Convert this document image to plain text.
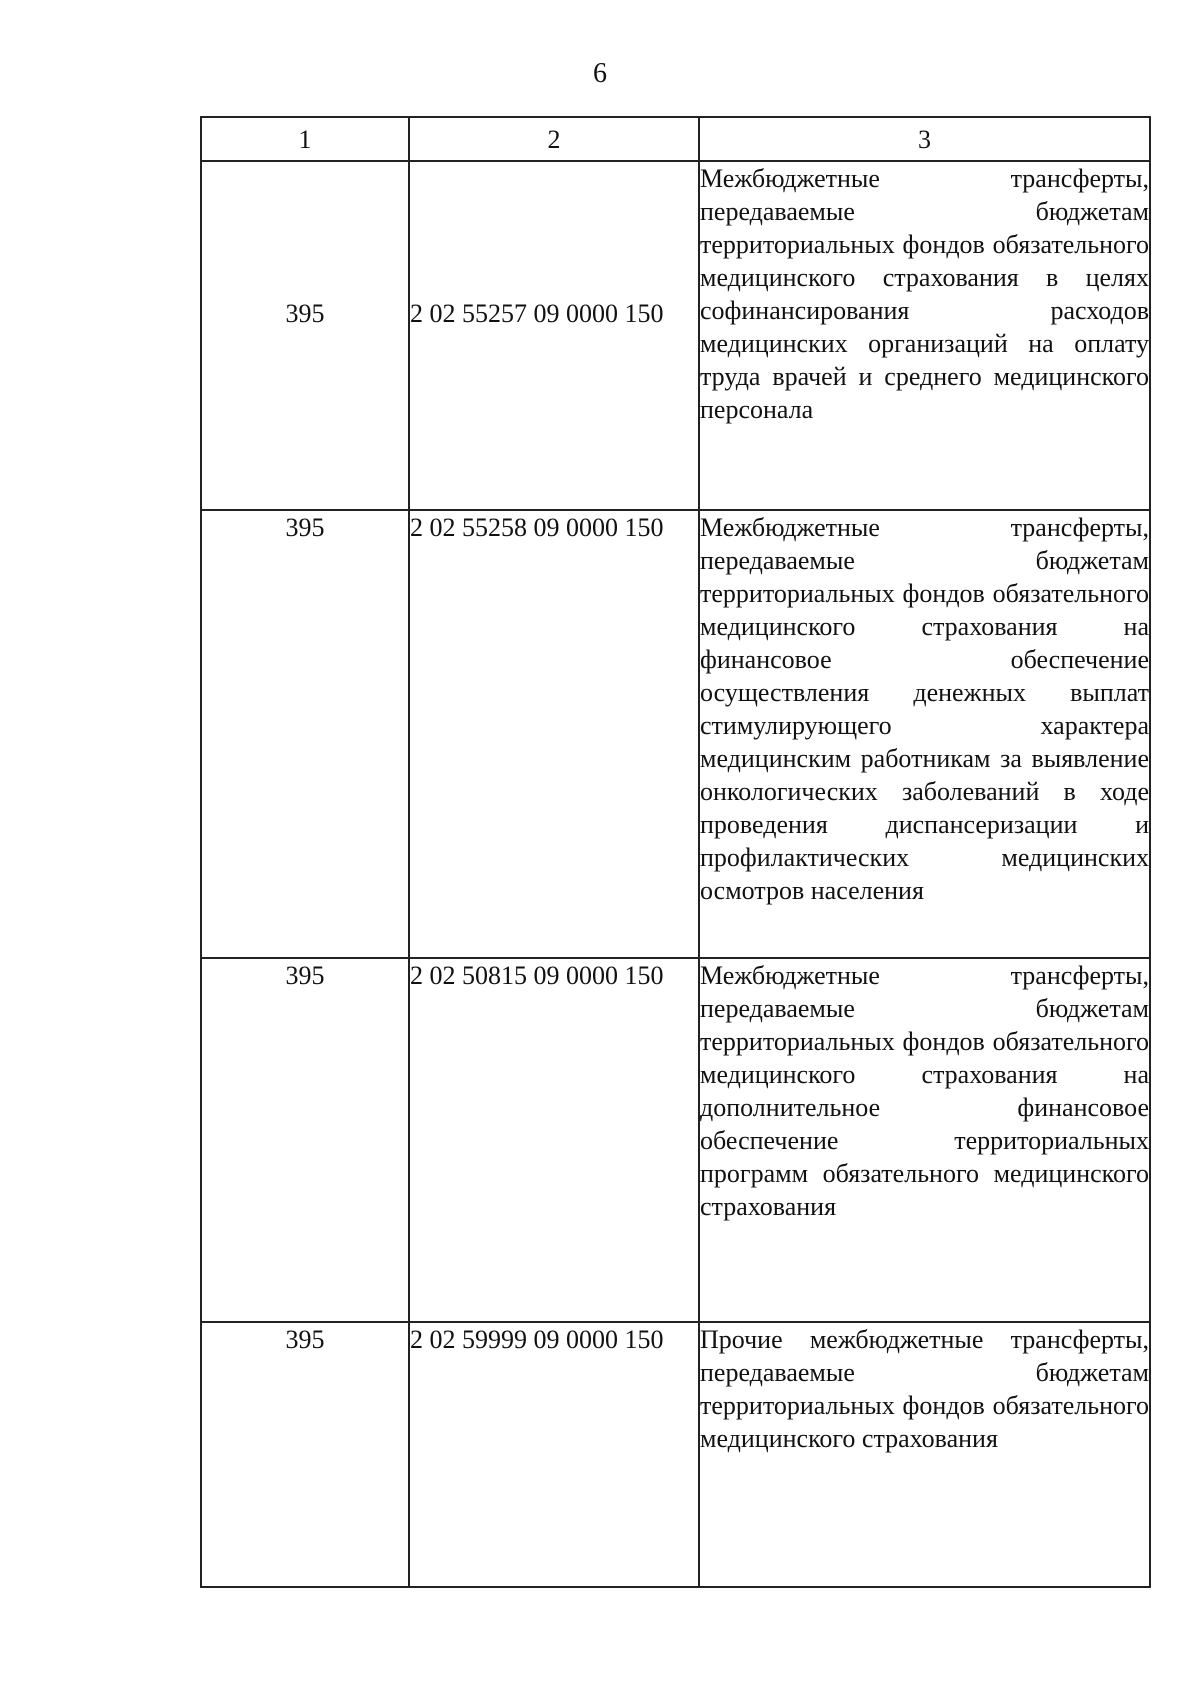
6
1	2	3
395	2 02 55257 09 0000 150	Межбюджетные трансферты, передаваемые бюджетам территориальных фондов обязательного медицинского страхования в целях софинансирования расходов медицинских организаций на оплату труда врачей и среднего медицинского персонала
395	2 02 55258 09 0000 150	Межбюджетные трансферты, передаваемые бюджетам территориальных фондов обязательного медицинского страхования на финансовое обеспечение осуществления денежных выплат стимулирующего характера медицинским работникам за выявление онкологических заболеваний в ходе проведения диспансеризации и профилактических медицинских осмотров населения
395	2 02 50815 09 0000 150	Межбюджетные трансферты, передаваемые бюджетам территориальных фондов обязательного медицинского страхования на дополнительное финансовое обеспечение территориальных программ обязательного медицинского страхования
395	2 02 59999 09 0000 150	Прочие межбюджетные трансферты, передаваемые бюджетам территориальных фондов обязательного медицинского страхования
